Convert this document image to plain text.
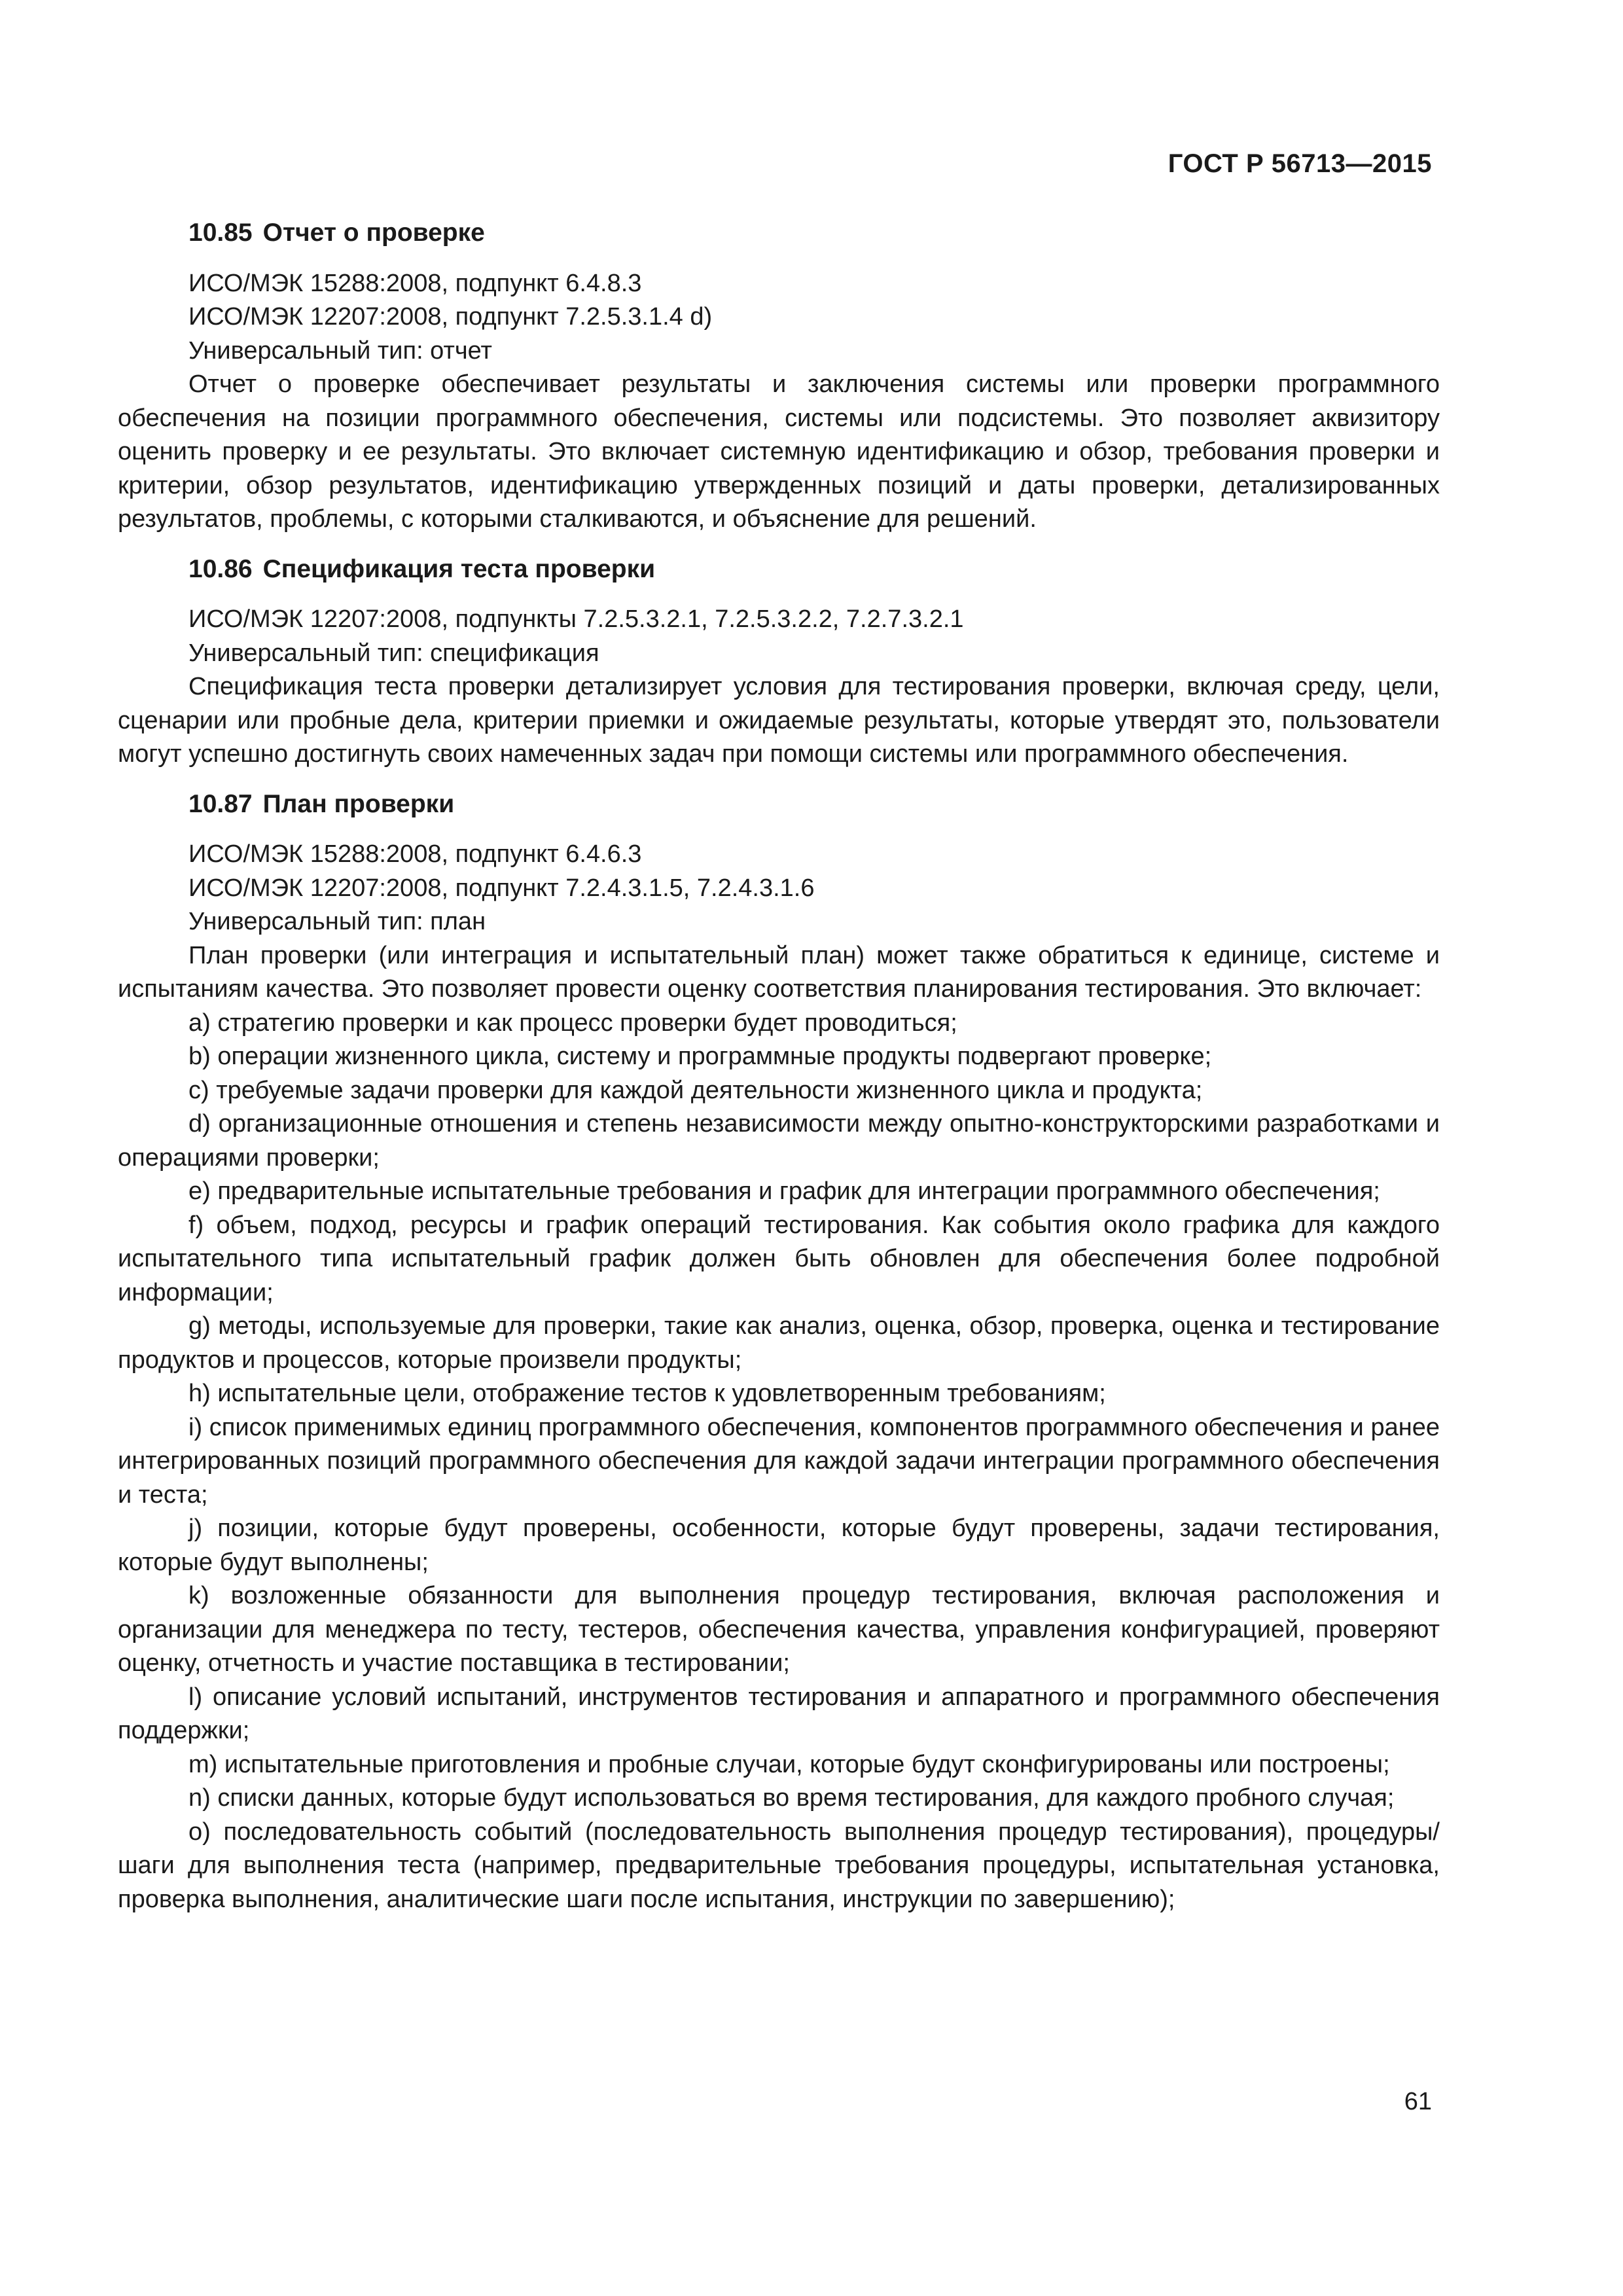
ГОСТ Р 56713—2015
10.85 Отчет о проверке
ИСО/МЭК 15288:2008, подпункт 6.4.8.3
ИСО/МЭК 12207:2008, подпункт 7.2.5.3.1.4 d)
Универсальный тип: отчет
Отчет о проверке обеспечивает результаты и заключения системы или проверки программного обеспечения на позиции программного обеспечения, системы или подсистемы. Это позволяет аквизитору оценить проверку и ее результаты. Это включает системную идентификацию и обзор, требования проверки и критерии, обзор результатов, идентификацию утвержденных позиций и даты проверки, детализированных результатов, проблемы, с которыми сталкиваются, и объяснение для решений.
10.86 Спецификация теста проверки
ИСО/МЭК 12207:2008, подпункты 7.2.5.3.2.1, 7.2.5.3.2.2, 7.2.7.3.2.1
Универсальный тип: спецификация
Спецификация теста проверки детализирует условия для тестирования проверки, включая среду, цели, сценарии или пробные дела, критерии приемки и ожидаемые результаты, которые утвердят это, пользователи могут успешно достигнуть своих намеченных задач при помощи системы или программного обеспечения.
10.87 План проверки
ИСО/МЭК 15288:2008, подпункт 6.4.6.3
ИСО/МЭК 12207:2008, подпункт 7.2.4.3.1.5, 7.2.4.3.1.6
Универсальный тип: план
План проверки (или интеграция и испытательный план) может также обратиться к единице, системе и испытаниям качества. Это позволяет провести оценку соответствия планирования тестирования. Это включает:
a) стратегию проверки и как процесс проверки будет проводиться;
b) операции жизненного цикла, систему и программные продукты подвергают проверке;
c) требуемые задачи проверки для каждой деятельности жизненного цикла и продукта;
d) организационные отношения и степень независимости между опытно-конструкторскими разработками и операциями проверки;
e) предварительные испытательные требования и график для интеграции программного обеспечения;
f) объем, подход, ресурсы и график операций тестирования. Как события около графика для каждого испытательного типа испытательный график должен быть обновлен для обеспечения более подробной информации;
g) методы, используемые для проверки, такие как анализ, оценка, обзор, проверка, оценка и тестирование продуктов и процессов, которые произвели продукты;
h) испытательные цели, отображение тестов к удовлетворенным требованиям;
i) список применимых единиц программного обеспечения, компонентов программного обеспечения и ранее интегрированных позиций программного обеспечения для каждой задачи интеграции программного обеспечения и теста;
j) позиции, которые будут проверены, особенности, которые будут проверены, задачи тестирования, которые будут выполнены;
k) возложенные обязанности для выполнения процедур тестирования, включая расположения и организации для менеджера по тесту, тестеров, обеспечения качества, управления конфигурацией, проверяют оценку, отчетность и участие поставщика в тестировании;
l) описание условий испытаний, инструментов тестирования и аппаратного и программного обеспечения поддержки;
m) испытательные приготовления и пробные случаи, которые будут сконфигурированы или построены;
n) списки данных, которые будут использоваться во время тестирования, для каждого пробного случая;
o) последовательность событий (последовательность выполнения процедур тестирования), процедуры/шаги для выполнения теста (например, предварительные требования процедуры, испытательная установка, проверка выполнения, аналитические шаги после испытания, инструкции по завершению);
61
